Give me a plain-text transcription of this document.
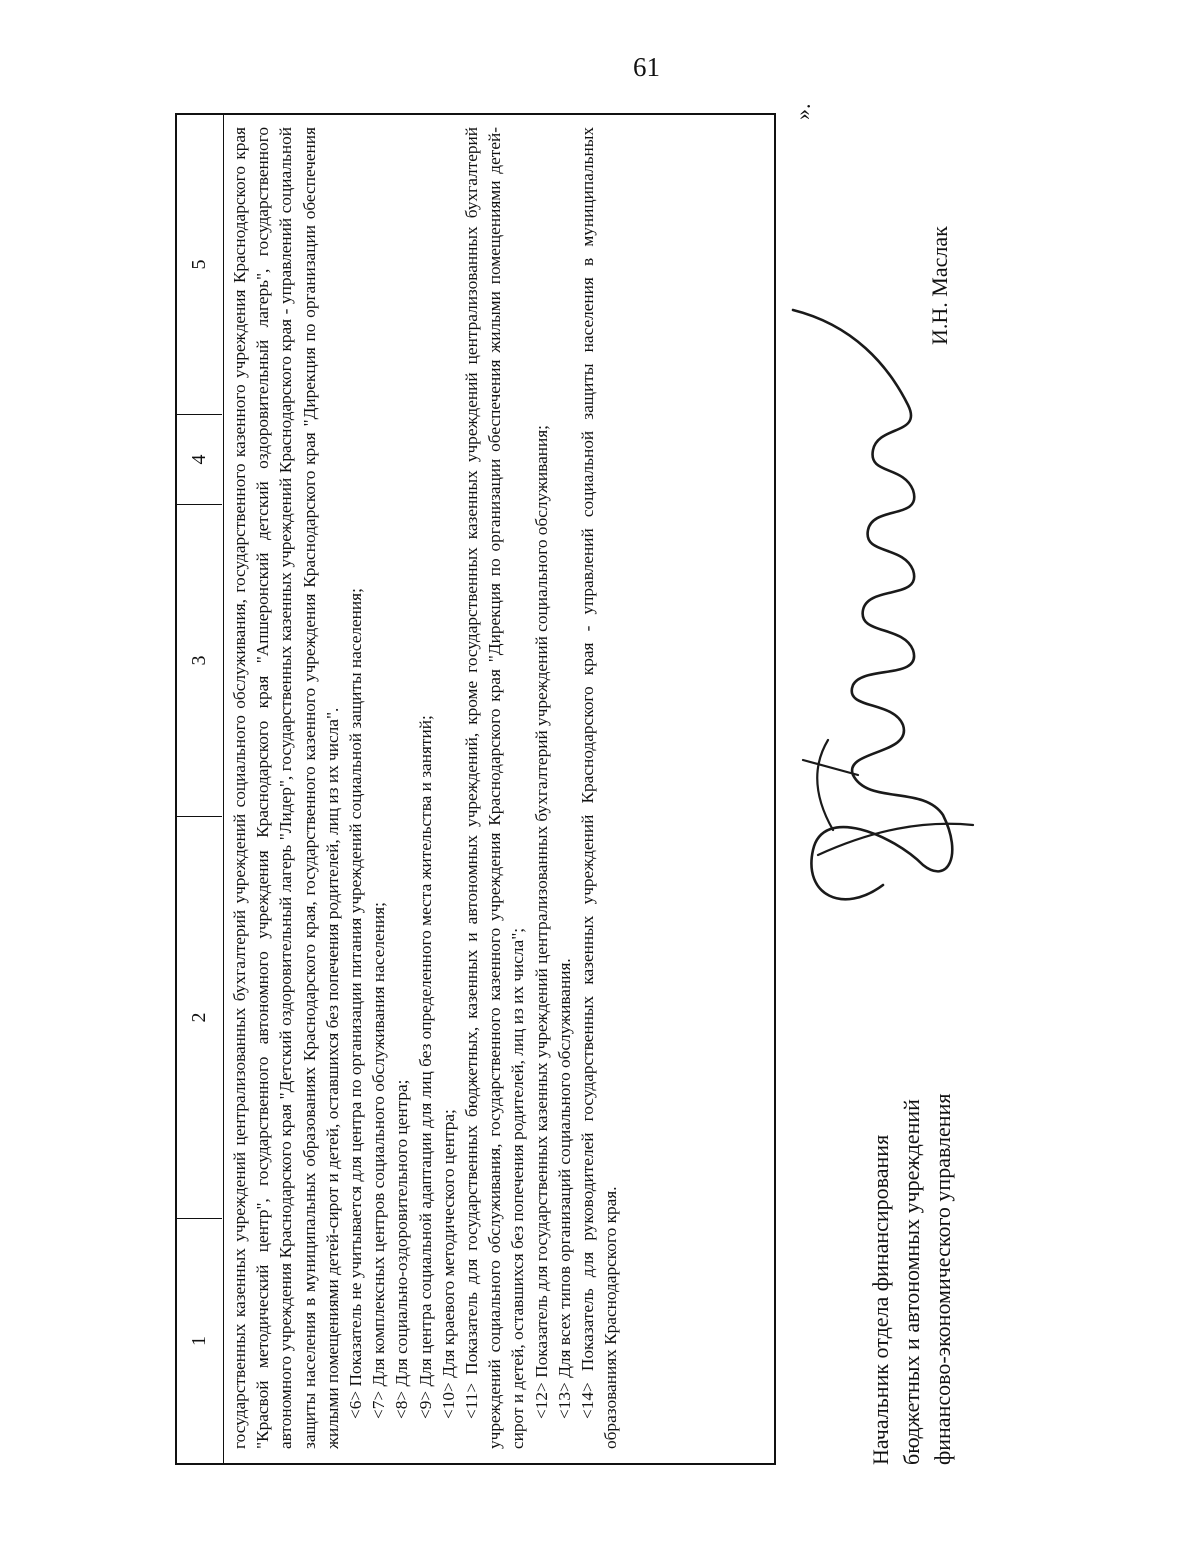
61
1
2
3
4
5	государственных казенных учреждений централизованных бухгалтерий учреждений социального обслуживания, государственного казенного учреждения Краснодарского края "Красвой методический центр", государственного автономного учреждения Краснодарского края "Апшеронский детский оздоровительный лагерь", государственного автономного учреждения Краснодарского края "Детский оздоровительный лагерь "Лидер", государственных казенных учреждений Краснодарского края - управлений социальной защиты населения в муниципальных образованиях Краснодарского края, государственного казенного учреждения Краснодарского края "Дирекция по организации обеспечения жилыми помещениями детей-сирот и детей, оставшихся без попечения родителей, лиц из их числа". <6> Показатель не учитывается для центра по организации питания учреждений социальной защиты населения; <7> Для комплексных центров социального обслуживания населения; <8> Для социально-оздоровительного центра; <9> Для центра социальной адаптации для лиц без определенного места жительства и занятий; <10> Для краевого методического центра; <11> Показатель для государственных бюджетных, казенных и автономных учреждений, кроме государственных казенных учреждений централизованных бухгалтерий учреждений социального обслуживания, государственного казенного учреждения Краснодарского края "Дирекция по организации обеспечения жилыми помещениями детей-сирот и детей, оставшихся без попечения родителей, лиц из их числа"; <12> Показатель для государственных казенных учреждений централизованных бухгалтерий учреждений социального обслуживания; <13> Для всех типов организаций социального обслуживания. <14> Показатель для руководителей государственных казенных учреждений Краснодарского края - управлений социальной защиты населения в муниципальных образованиях Краснодарского края.

».
Начальник отдела финансирования бюджетных и автономных учреждений финансово-экономического управления
И.Н. Маслак
